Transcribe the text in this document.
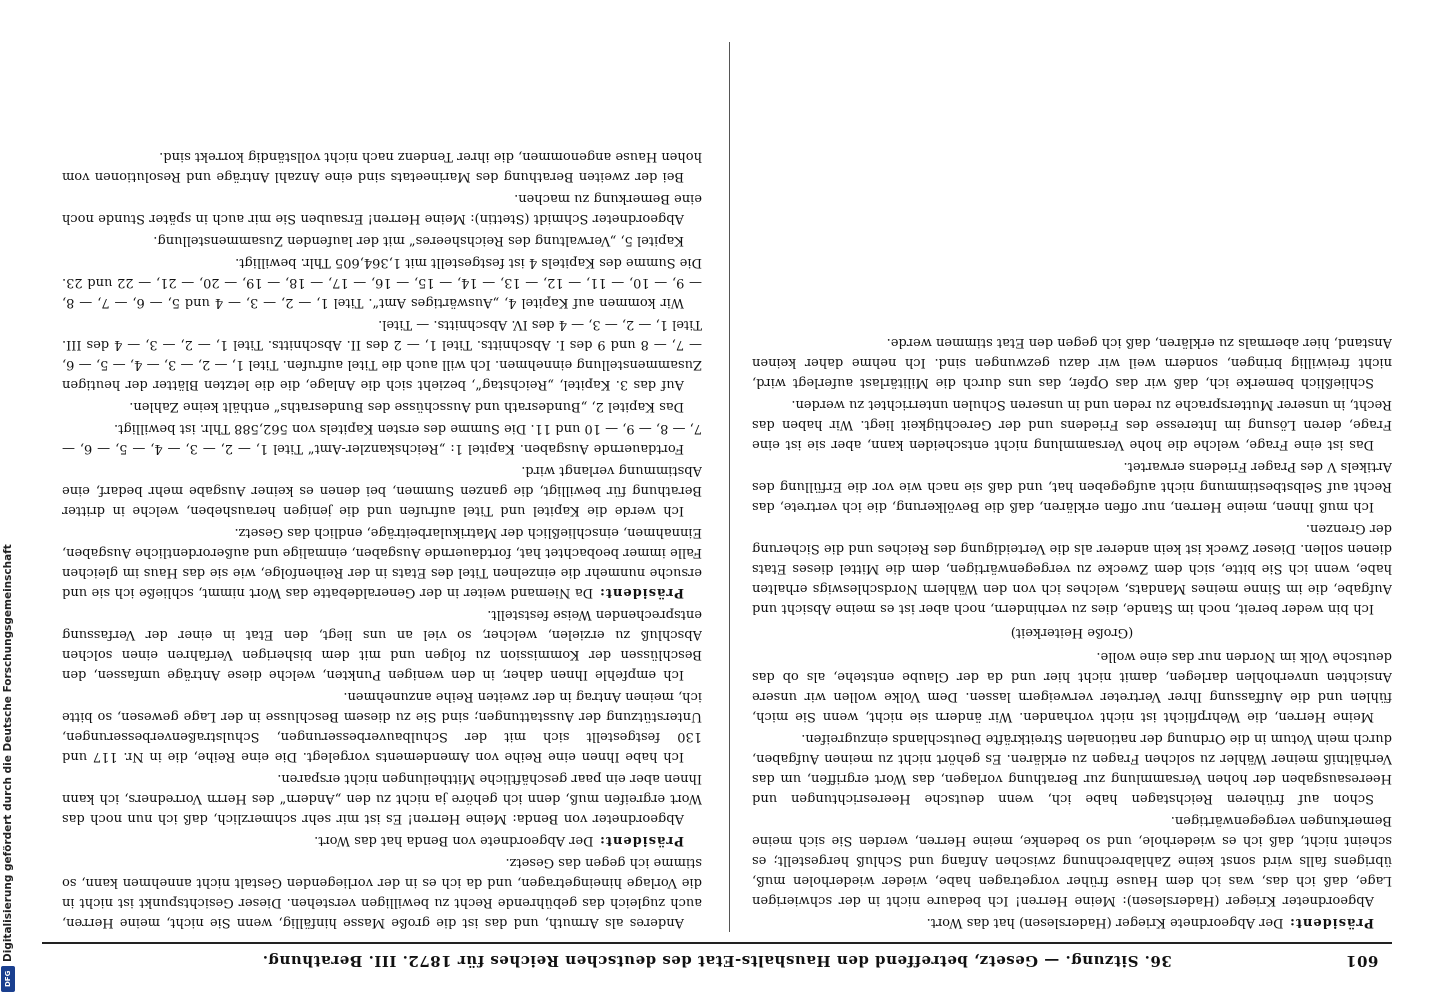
Digitalisierung gefördert durch die Deutsche Forschungsgemeinschaft
DFG
601
36. Sitzung. — Gesetz, betreffend den Haushalts-Etat des deutschen Reiches für 1872. III. Berathung.

Präsident: Der Abgeordnete Krieger (Haderslesen) hat das Wort.

Abgeordneter Krieger (Haderslesen): Meine Herren! Ich bedaure nicht in der schwierigen Lage, daß ich das, was ich dem Hause früher vorgetragen habe, wieder wiederholen muß, übrigens falls wird sonst keine Zahlabrechnung zwischen Anfang und Schluß hergestellt; es scheint nicht, daß ich es wiederhole, und so bedenke, meine Herren, werden Sie sich meine Bemerkungen vergegenwärtigen.

Schon auf früheren Reichstagen habe ich, wenn deutsche Heeresrichtungen und Heeresausgaben der hohen Versammlung zur Berathung vorlagen, das Wort ergriffen, um das Verhältniß meiner Wähler zu solchen Fragen zu erklären. Es gehört nicht zu meinen Aufgaben, durch mein Votum in die Ordnung der nationalen Streitkräfte Deutschlands einzugreifen.

Meine Herren, die Wehrpflicht ist nicht vorhanden. Wir ändern sie nicht, wenn Sie mich, fühlen und die Auffassung Ihrer Vertreter verweigern lassen. Dem Volke wollen wir unsere Ansichten unverhohlen darlegen, damit nicht hier und da der Glaube entstehe, als ob das deutsche Volk im Norden nur das eine wolle.

(Große Heiterkeit)

Ich bin weder bereit, noch im Stande, dies zu verhindern, noch aber ist es meine Absicht und Aufgabe, die im Sinne meines Mandats, welches ich von den Wählern Nordschleswigs erhalten habe, wenn ich Sie bitte, sich dem Zwecke zu vergegenwärtigen, dem die Mittel dieses Etats dienen sollen. Dieser Zweck ist kein anderer als die Verteidigung des Reiches und die Sicherung der Grenzen.

Ich muß Ihnen, meine Herren, nur offen erklären, daß die Bevölkerung, die ich vertrete, das Recht auf Selbstbestimmung nicht aufgegeben hat, und daß sie nach wie vor die Erfüllung des Artikels V des Prager Friedens erwartet.

Das ist eine Frage, welche die hohe Versammlung nicht entscheiden kann, aber sie ist eine Frage, deren Lösung im Interesse des Friedens und der Gerechtigkeit liegt. Wir haben das Recht, in unserer Muttersprache zu reden und in unseren Schulen unterrichtet zu werden.

Schließlich bemerke ich, daß wir das Opfer, das uns durch die Militärlast auferlegt wird, nicht freiwillig bringen, sondern weil wir dazu gezwungen sind. Ich nehme daher keinen Anstand, hier abermals zu erklären, daß ich gegen den Etat stimmen werde.

Anderes als Armuth, und das ist die große Masse hinfällig, wenn Sie nicht, meine Herren, auch zugleich das gebührende Recht zu bewilligen verstehen. Dieser Gesichtspunkt ist nicht in die Vorlage hineingetragen, und da ich es in der vorliegenden Gestalt nicht annehmen kann, so stimme ich gegen das Gesetz.

Präsident: Der Abgeordnete von Benda hat das Wort.

Abgeordneter von Benda: Meine Herren! Es ist mir sehr schmerzlich, daß ich nun noch das Wort ergreifen muß, denn ich gehöre ja nicht zu den „Andern“ des Herrn Vorredners, ich kann Ihnen aber ein paar geschäftliche Mittheilungen nicht ersparen.

Ich habe Ihnen eine Reihe von Amendements vorgelegt. Die eine Reihe, die in Nr. 117 und 130 festgestellt sich mit der Schulbauverbesserungen, Schulstraßenverbesserungen, Unterstützung der Ausstattungen; sind Sie zu diesem Beschlusse in der Lage gewesen, so bitte ich, meinen Antrag in der zweiten Reihe anzunehmen.

Ich empfehle Ihnen daher, in den wenigen Punkten, welche diese Anträge umfassen, den Beschlüssen der Kommission zu folgen und mit dem bisherigen Verfahren einen solchen Abschluß zu erzielen, welcher, so viel an uns liegt, den Etat in einer der Verfassung entsprechenden Weise feststellt.

Präsident: Da Niemand weiter in der Generaldebatte das Wort nimmt, schließe ich sie und ersuche nunmehr die einzelnen Titel des Etats in der Reihenfolge, wie sie das Haus im gleichen Falle immer beobachtet hat, fortdauernde Ausgaben, einmalige und außerordentliche Ausgaben, Einnahmen, einschließlich der Matrikularbeiträge, endlich das Gesetz.

Ich werde die Kapitel und Titel aufrufen und die jenigen herausheben, welche in dritter Berathung für bewilligt, die ganzen Summen, bei denen es keiner Ausgabe mehr bedarf, eine Abstimmung verlangt wird.

Fortdauernde Ausgaben. Kapitel 1: „Reichskanzler-Amt“ Titel 1, — 2, — 3, — 4, — 5, — 6, — 7, — 8, — 9, — 10 und 11. Die Summe des ersten Kapitels von 562,588 Thlr. ist bewilligt.

Das Kapitel 2, „Bundesrath und Ausschüsse des Bundesraths“ enthält keine Zahlen.

Auf das 3. Kapitel, „Reichstag“, bezieht sich die Anlage, die die letzten Blätter der heutigen Zusammenstellung einnehmen. Ich will auch die Titel aufrufen. Titel 1, — 2, — 3, — 4, — 5, — 6, — 7, — 8 und 9 des I. Abschnitts. Titel 1, — 2 des II. Abschnitts. Titel 1, — 2, — 3, — 4 des III. Titel 1, — 2, — 3, — 4 des IV. Abschnitts. — Titel.

Wir kommen auf Kapitel 4, „Auswärtiges Amt“. Titel 1, — 2, — 3, — 4 und 5, — 6, — 7, — 8, — 9, — 10, — 11, — 12, — 13, — 14, — 15, — 16, — 17, — 18, — 19, — 20, — 21, — 22 und 23. Die Summe des Kapitels 4 ist festgestellt mit 1,364,605 Thlr. bewilligt.

Kapitel 5, „Verwaltung des Reichsheeres“ mit der laufenden Zusammenstellung.

Abgeordneter Schmidt (Stettin): Meine Herren! Ersauben Sie mir auch in später Stunde noch eine Bemerkung zu machen.

Bei der zweiten Berathung des Marineetats sind eine Anzahl Anträge und Resolutionen vom hohen Hause angenommen, die ihrer Tendenz nach nicht vollständig korrekt sind.
